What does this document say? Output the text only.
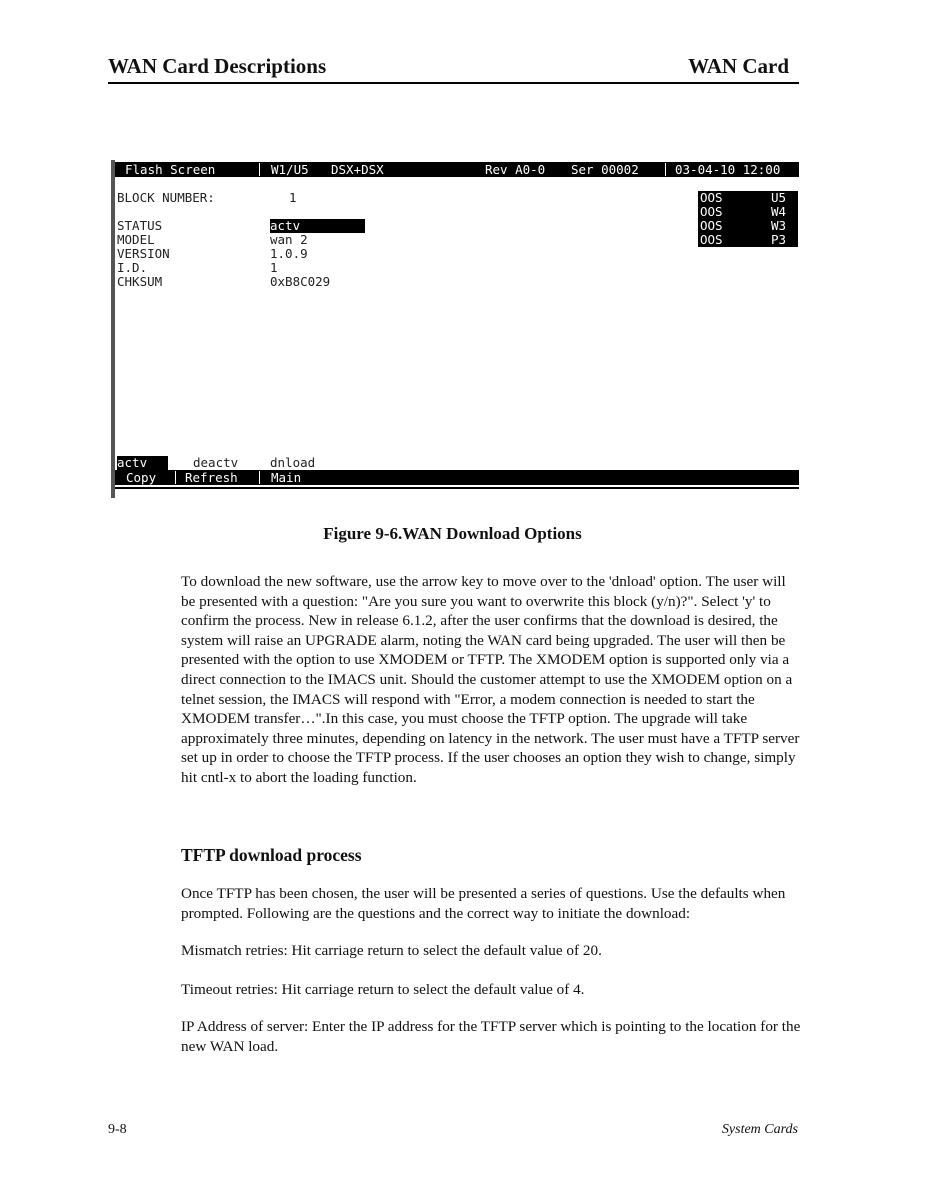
WAN Card Descriptions	WAN Card

Flash Screen

	W1/U5

DSX+DSX

	Rev A0-0

Ser 00002

	03-04-10 12:00

BLOCK NUMBER:	1
STATUS	actv
MODEL	wan 2
VERSION	1.0.9
I.D.	1
CHKSUM	0xB8C029
OOS	U5
OOS	W4
OOS	W3
OOS	P3
actv	deactv	dnload

Copy

Refresh

	Main

Figure 9-6.WAN Download Options
To download the new software, use the arrow key to move over to the 'dnload' option. The user will be presented with a question: "Are you sure you want to overwrite this block (y/n)?". Select 'y' to confirm the process. New in release 6.1.2, after the user confirms that the download is desired, the system will raise an UPGRADE alarm, noting the WAN card being upgraded. The user will then be presented with the option to use XMODEM or TFTP. The XMODEM option is supported only via a direct connection to the IMACS unit. Should the customer attempt to use the XMODEM option on a telnet session, the IMACS will respond with "Error, a modem connection is needed to start the XMODEM transfer…".In this case, you must choose the TFTP option. The upgrade will take approximately three minutes, depending on latency in the network. The user must have a TFTP server set up in order to choose the TFTP process. If the user chooses an option they wish to change, simply hit cntl-x to abort the loading function.
TFTP download process
Once TFTP has been chosen, the user will be presented a series of questions. Use the defaults when prompted. Following are the questions and the correct way to initiate the download:
Mismatch retries: Hit carriage return to select the default value of 20.
Timeout retries: Hit carriage return to select the default value of 4.
IP Address of server: Enter the IP address for the TFTP server which is pointing to the location for the new WAN load.
9-8	System Cards
